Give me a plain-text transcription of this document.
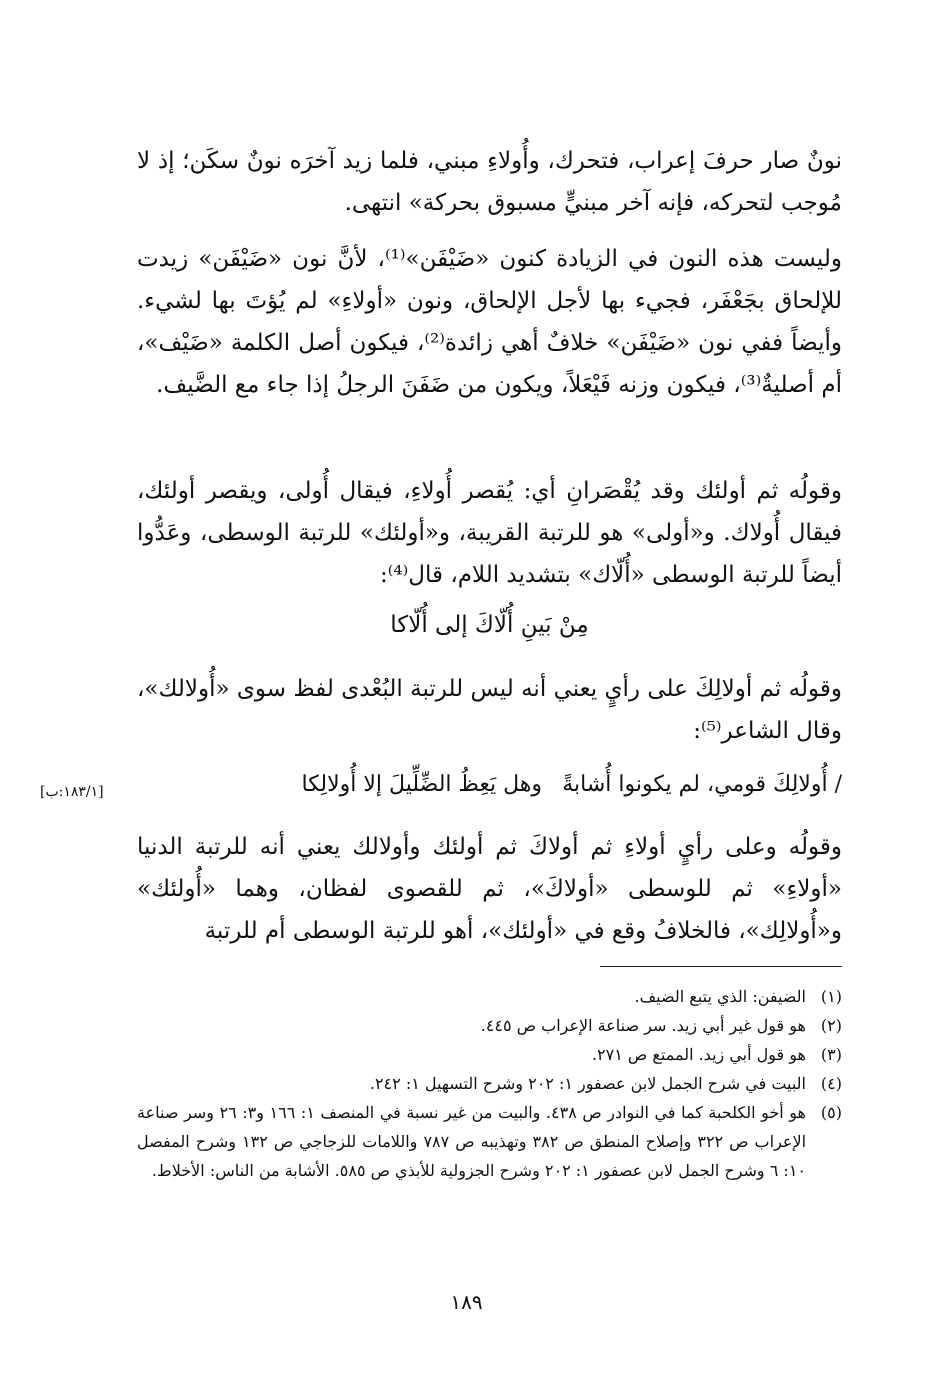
نونٌ صار حرفَ إعراب، فتحرك، وأُولاءِ مبني، فلما زيد آخرَه نونٌ سكَن؛ إذ لا مُوجب لتحركه، فإنه آخر مبنيٍّ مسبوق بحركة» انتهى.

وليست هذه النون في الزيادة كنون «ضَيْفَن»⁽¹⁾، لأنَّ نون «ضَيْفَن» زيدت للإلحاق بجَعْفَر، فجيء بها لأجل الإلحاق، ونون «أولاءِ» لم يُؤتَ بها لشيء. وأيضاً ففي نون «ضَيْفَن» خلافٌ أهي زائدة⁽²⁾، فيكون أصل الكلمة «ضَيْف»، أم أصليةٌ⁽³⁾، فيكون وزنه فَيْعَلاً، ويكون من ضَفَنَ الرجلُ إذا جاء مع الضَّيف.

وقولُه ثم أولئك وقد يُقْصَرانِ أي: يُقصر أُولاءِ، فيقال أُولى، ويقصر أولئك، فيقال أُولاك. و«أولى» هو للرتبة القريبة، و«أولئك» للرتبة الوسطى، وعَدُّوا أيضاً للرتبة الوسطى «أُلّاك» بتشديد اللام، قال⁽⁴⁾:

مِنْ بَينِ أُلّاكَ إلى أُلّاكا

وقولُه ثم أولالِكَ على رأيٍ يعني أنه ليس للرتبة البُعْدى لفظ سوى «أُولالك»، وقال الشاعر⁽⁵⁾:

/ أُولالِكَ قومي، لم يكونوا أُشابةً
وهل يَعِظُ الضِّلِّيلَ إلا أُولالِكا
[١٨٣/١:ب]

وقولُه وعلى رأيٍ أولاءِ ثم أولاكَ ثم أولئك وأولالك يعني أنه للرتبة الدنيا «أولاءِ» ثم للوسطى «أولاكَ»، ثم للقصوى لفظان، وهما «أُولئك» و«أُولالِك»، فالخلافُ وقع في «أولئك»، أهو للرتبة الوسطى أم للرتبة

(١)
الضيفن: الذي يتبع الضيف.
(٢)
هو قول غير أبي زيد. سر صناعة الإعراب ص ٤٤٥.
(٣)
هو قول أبي زيد. الممتع ص ٢٧١.
(٤)
البيت في شرح الجمل لابن عصفور ١: ٢٠٢ وشرح التسهيل ١: ٢٤٢.
(٥)
هو أخو الكلحبة كما في النوادر ص ٤٣٨. والبيت من غير نسبة في المنصف ١: ١٦٦ و٣: ٢٦ وسر صناعة الإعراب ص ٣٢٢ وإصلاح المنطق ص ٣٨٢ وتهذيبه ص ٧٨٧ واللامات للزجاجي ص ١٣٢ وشرح المفصل ١٠: ٦ وشرح الجمل لابن عصفور ١: ٢٠٢ وشرح الجزولية للأبذي ص ٥٨٥. الأشابة من الناس: الأخلاط.
١٨٩
